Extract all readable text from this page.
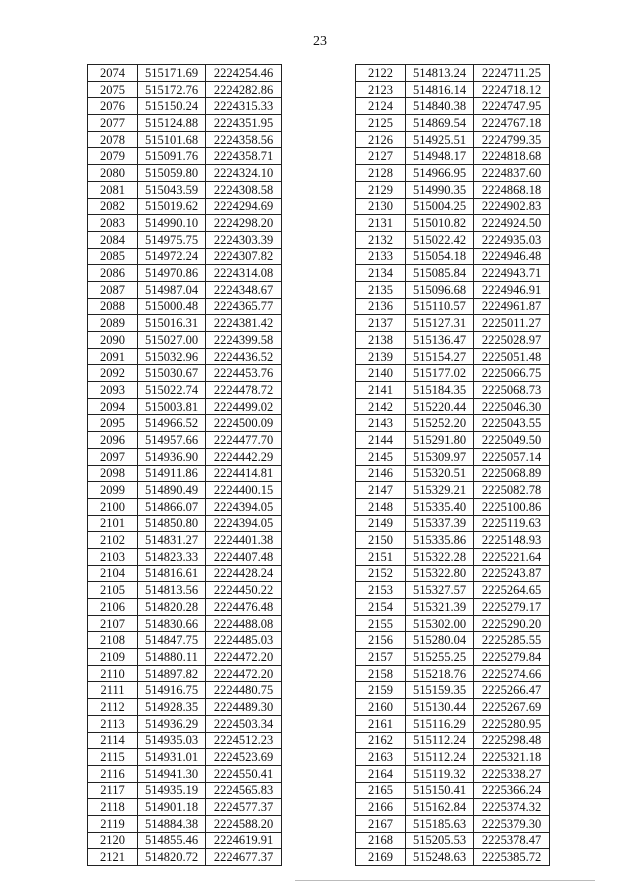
23
2074	515171.69	2224254.46
2075	515172.76	2224282.86
2076	515150.24	2224315.33
2077	515124.88	2224351.95
2078	515101.68	2224358.56
2079	515091.76	2224358.71
2080	515059.80	2224324.10
2081	515043.59	2224308.58
2082	515019.62	2224294.69
2083	514990.10	2224298.20
2084	514975.75	2224303.39
2085	514972.24	2224307.82
2086	514970.86	2224314.08
2087	514987.04	2224348.67
2088	515000.48	2224365.77
2089	515016.31	2224381.42
2090	515027.00	2224399.58
2091	515032.96	2224436.52
2092	515030.67	2224453.76
2093	515022.74	2224478.72
2094	515003.81	2224499.02
2095	514966.52	2224500.09
2096	514957.66	2224477.70
2097	514936.90	2224442.29
2098	514911.86	2224414.81
2099	514890.49	2224400.15
2100	514866.07	2224394.05
2101	514850.80	2224394.05
2102	514831.27	2224401.38
2103	514823.33	2224407.48
2104	514816.61	2224428.24
2105	514813.56	2224450.22
2106	514820.28	2224476.48
2107	514830.66	2224488.08
2108	514847.75	2224485.03
2109	514880.11	2224472.20
2110	514897.82	2224472.20
2111	514916.75	2224480.75
2112	514928.35	2224489.30
2113	514936.29	2224503.34
2114	514935.03	2224512.23
2115	514931.01	2224523.69
2116	514941.30	2224550.41
2117	514935.19	2224565.83
2118	514901.18	2224577.37
2119	514884.38	2224588.20
2120	514855.46	2224619.91
2121	514820.72	2224677.37
2122	514813.24	2224711.25
2123	514816.14	2224718.12
2124	514840.38	2224747.95
2125	514869.54	2224767.18
2126	514925.51	2224799.35
2127	514948.17	2224818.68
2128	514966.95	2224837.60
2129	514990.35	2224868.18
2130	515004.25	2224902.83
2131	515010.82	2224924.50
2132	515022.42	2224935.03
2133	515054.18	2224946.48
2134	515085.84	2224943.71
2135	515096.68	2224946.91
2136	515110.57	2224961.87
2137	515127.31	2225011.27
2138	515136.47	2225028.97
2139	515154.27	2225051.48
2140	515177.02	2225066.75
2141	515184.35	2225068.73
2142	515220.44	2225046.30
2143	515252.20	2225043.55
2144	515291.80	2225049.50
2145	515309.97	2225057.14
2146	515320.51	2225068.89
2147	515329.21	2225082.78
2148	515335.40	2225100.86
2149	515337.39	2225119.63
2150	515335.86	2225148.93
2151	515322.28	2225221.64
2152	515322.80	2225243.87
2153	515327.57	2225264.65
2154	515321.39	2225279.17
2155	515302.00	2225290.20
2156	515280.04	2225285.55
2157	515255.25	2225279.84
2158	515218.76	2225274.66
2159	515159.35	2225266.47
2160	515130.44	2225267.69
2161	515116.29	2225280.95
2162	515112.24	2225298.48
2163	515112.24	2225321.18
2164	515119.32	2225338.27
2165	515150.41	2225366.24
2166	515162.84	2225374.32
2167	515185.63	2225379.30
2168	515205.53	2225378.47
2169	515248.63	2225385.72
